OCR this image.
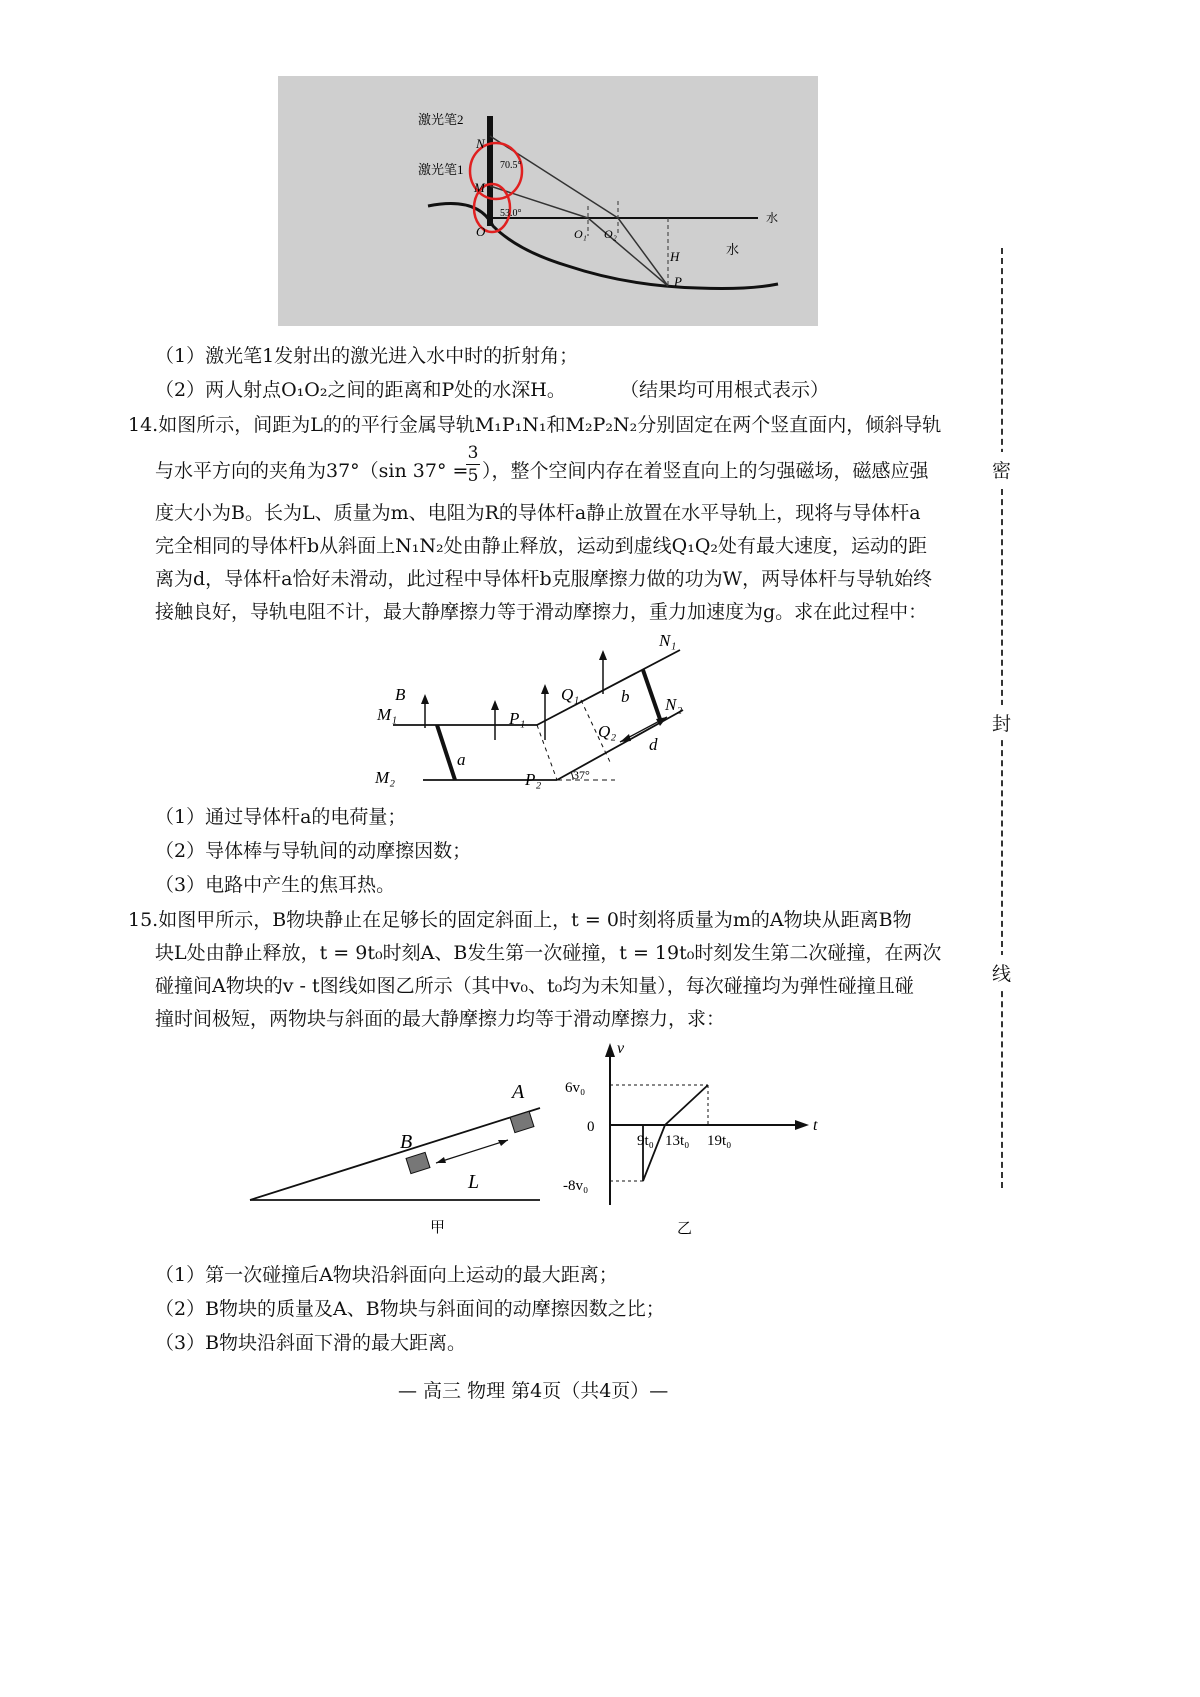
激光笔2
激光笔1
N
M
O
70.5°
53.0°
O₁ O₂
H
P
水
水
（1）激光笔1发射出的激光进入水中时的折射角；
（2）两人射点O₁O₂之间的距离和P处的水深H。	（结果均可用根式表示）
14.如图所示，间距为L的的平行金属导轨M₁P₁N₁和M₂P₂N₂分别固定在两个竖直面内，倾斜导轨
与水平方向的夹角为37°（sin 37° =
$\frac{3}{5}$ ），整个空间内存在着竖直向上的匀强磁场，磁感应强
度大小为B。长为L、质量为m、电阻为R的导体杆a静止放置在水平导轨上，现将与导体杆a
完全相同的导体杆b从斜面上N₁N₂处由静止释放，运动到虚线Q₁Q₂处有最大速度，运动的距
离为d，导体杆a恰好未滑动，此过程中导体杆b克服摩擦力做的功为W，两导体杆与导轨始终
接触良好，导轨电阻不计，最大静摩擦力等于滑动摩擦力，重力加速度为g。求在此过程中：
M₁
M₂
B
a
b
P₁
P₂
Q₁
Q₂
N₁
N₂
d
37°
（1）通过导体杆a的电荷量；
（2）导体棒与导轨间的动摩擦因数；
（3）电路中产生的焦耳热。
15.如图甲所示，B物块静止在足够长的固定斜面上，t = 0时刻将质量为m的A物块从距离B物
块L处由静止释放，t = 9t₀时刻A、B发生第一次碰撞，t = 19t₀时刻发生第二次碰撞，在两次
碰撞间A物块的v - t图线如图乙所示（其中v₀、t₀均为未知量），每次碰撞均为弹性碰撞且碰
撞时间极短，两物块与斜面的最大静摩擦力均等于滑动摩擦力，求：
B
A
L
甲
v
t
6v₀
0
-8v₀
9t₀ 13t₀ 19t₀
乙
（1）第一次碰撞后A物块沿斜面向上运动的最大距离；
（2）B物块的质量及A、B物块与斜面间的动摩擦因数之比；
（3）B物块沿斜面下滑的最大距离。
— 高三 物理 第4页（共4页）—
密
封
线
